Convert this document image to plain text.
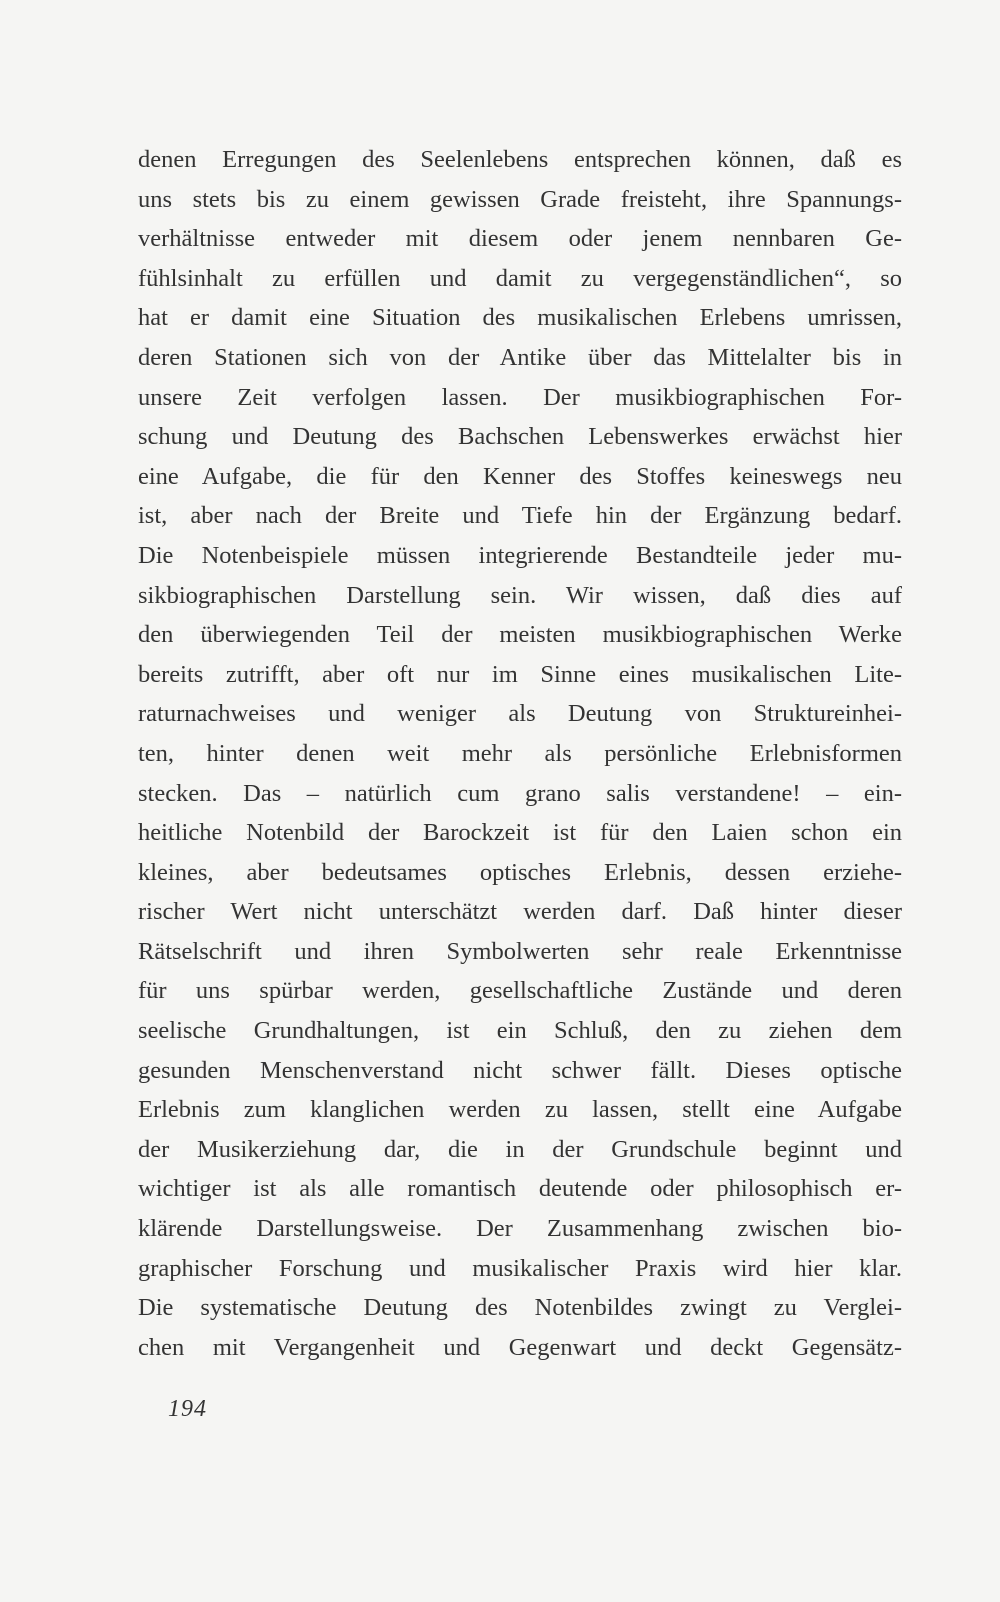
denen Erregungen des Seelenlebens entsprechen können, daß es
uns stets bis zu einem gewissen Grade freisteht, ihre Spannungs-
verhältnisse entweder mit diesem oder jenem nennbaren Ge-
fühlsinhalt zu erfüllen und damit zu vergegenständlichen“, so
hat er damit eine Situation des musikalischen Erlebens umrissen,
deren Stationen sich von der Antike über das Mittelalter bis in
unsere Zeit verfolgen lassen. Der musikbiographischen For-
schung und Deutung des Bachschen Lebenswerkes erwächst hier
eine Aufgabe, die für den Kenner des Stoffes keineswegs neu
ist, aber nach der Breite und Tiefe hin der Ergänzung bedarf.
Die Notenbeispiele müssen integrierende Bestandteile jeder mu-
sikbiographischen Darstellung sein. Wir wissen, daß dies auf
den überwiegenden Teil der meisten musikbiographischen Werke
bereits zutrifft, aber oft nur im Sinne eines musikalischen Lite-
raturnachweises und weniger als Deutung von Struktureinhei-
ten, hinter denen weit mehr als persönliche Erlebnisformen
stecken. Das – natürlich cum grano salis verstandene! – ein-
heitliche Notenbild der Barockzeit ist für den Laien schon ein
kleines, aber bedeutsames optisches Erlebnis, dessen erziehe-
rischer Wert nicht unterschätzt werden darf. Daß hinter dieser
Rätselschrift und ihren Symbolwerten sehr reale Erkenntnisse
für uns spürbar werden, gesellschaftliche Zustände und deren
seelische Grundhaltungen, ist ein Schluß, den zu ziehen dem
gesunden Menschenverstand nicht schwer fällt. Dieses optische
Erlebnis zum klanglichen werden zu lassen, stellt eine Aufgabe
der Musikerziehung dar, die in der Grundschule beginnt und
wichtiger ist als alle romantisch deutende oder philosophisch er-
klärende Darstellungsweise. Der Zusammenhang zwischen bio-
graphischer Forschung und musikalischer Praxis wird hier klar.
Die systematische Deutung des Notenbildes zwingt zu Verglei-
chen mit Vergangenheit und Gegenwart und deckt Gegensätz-
194
